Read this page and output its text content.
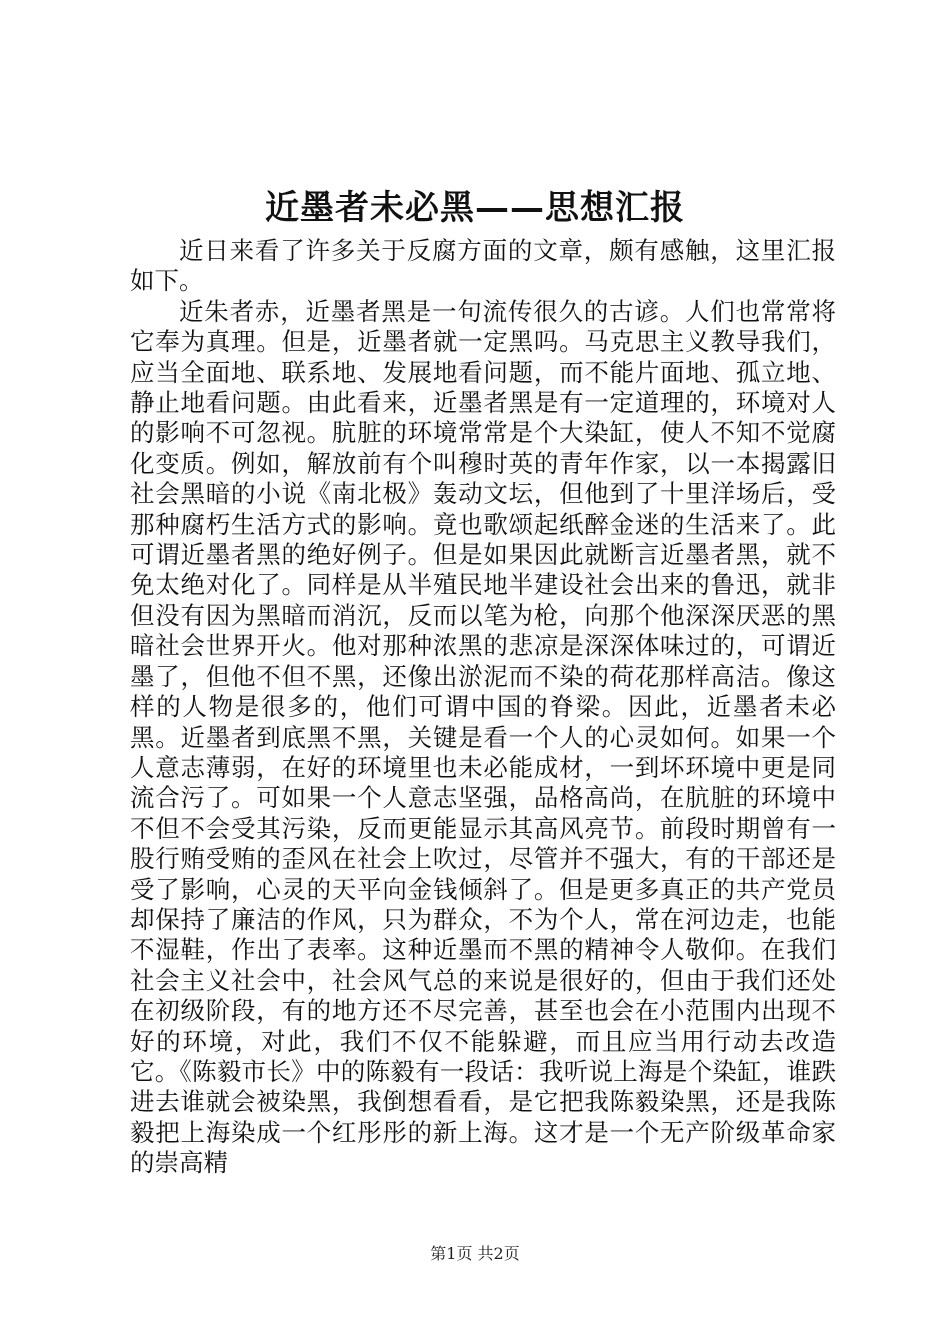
近墨者未必黑——思想汇报

近日来看了许多关于反腐方面的文章，颇有感触，这里汇报如下。

近朱者赤，近墨者黑是一句流传很久的古谚。人们也常常将它奉为真理。但是，近墨者就一定黑吗。马克思主义教导我们，应当全面地、联系地、发展地看问题，而不能片面地、孤立地、静止地看问题。由此看来，近墨者黑是有一定道理的，环境对人的影响不可忽视。肮脏的环境常常是个大染缸，使人不知不觉腐化变质。例如，解放前有个叫穆时英的青年作家，以一本揭露旧社会黑暗的小说《南北极》轰动文坛，但他到了十里洋场后，受那种腐朽生活方式的影响。竟也歌颂起纸醉金迷的生活来了。此可谓近墨者黑的绝好例子。但是如果因此就断言近墨者黑，就不免太绝对化了。同样是从半殖民地半建设社会出来的鲁迅，就非但没有因为黑暗而消沉，反而以笔为枪，向那个他深深厌恶的黑暗社会世界开火。他对那种浓黑的悲凉是深深体味过的，可谓近墨了，但他不但不黑，还像出淤泥而不染的荷花那样高洁。像这样的人物是很多的，他们可谓中国的脊梁。因此，近墨者未必黑。近墨者到底黑不黑，关键是看一个人的心灵如何。如果一个人意志薄弱，在好的环境里也未必能成材，一到坏环境中更是同流合污了。可如果一个人意志坚强，品格高尚，在肮脏的环境中不但不会受其污染，反而更能显示其高风亮节。前段时期曾有一股行贿受贿的歪风在社会上吹过，尽管并不强大，有的干部还是受了影响，心灵的天平向金钱倾斜了。但是更多真正的共产党员却保持了廉洁的作风，只为群众，不为个人，常在河边走，也能不湿鞋，作出了表率。这种近墨而不黑的精神令人敬仰。在我们社会主义社会中，社会风气总的来说是很好的，但由于我们还处在初级阶段，有的地方还不尽完善，甚至也会在小范围内出现不好的环境，对此，我们不仅不能躲避，而且应当用行动去改造它。《陈毅市长》中的陈毅有一段话：我听说上海是个染缸，谁跌进去谁就会被染黑，我倒想看看，是它把我陈毅染黑，还是我陈毅把上海染成一个红彤彤的新上海。这才是一个无产阶级革命家的崇高精

第1页 共2页
